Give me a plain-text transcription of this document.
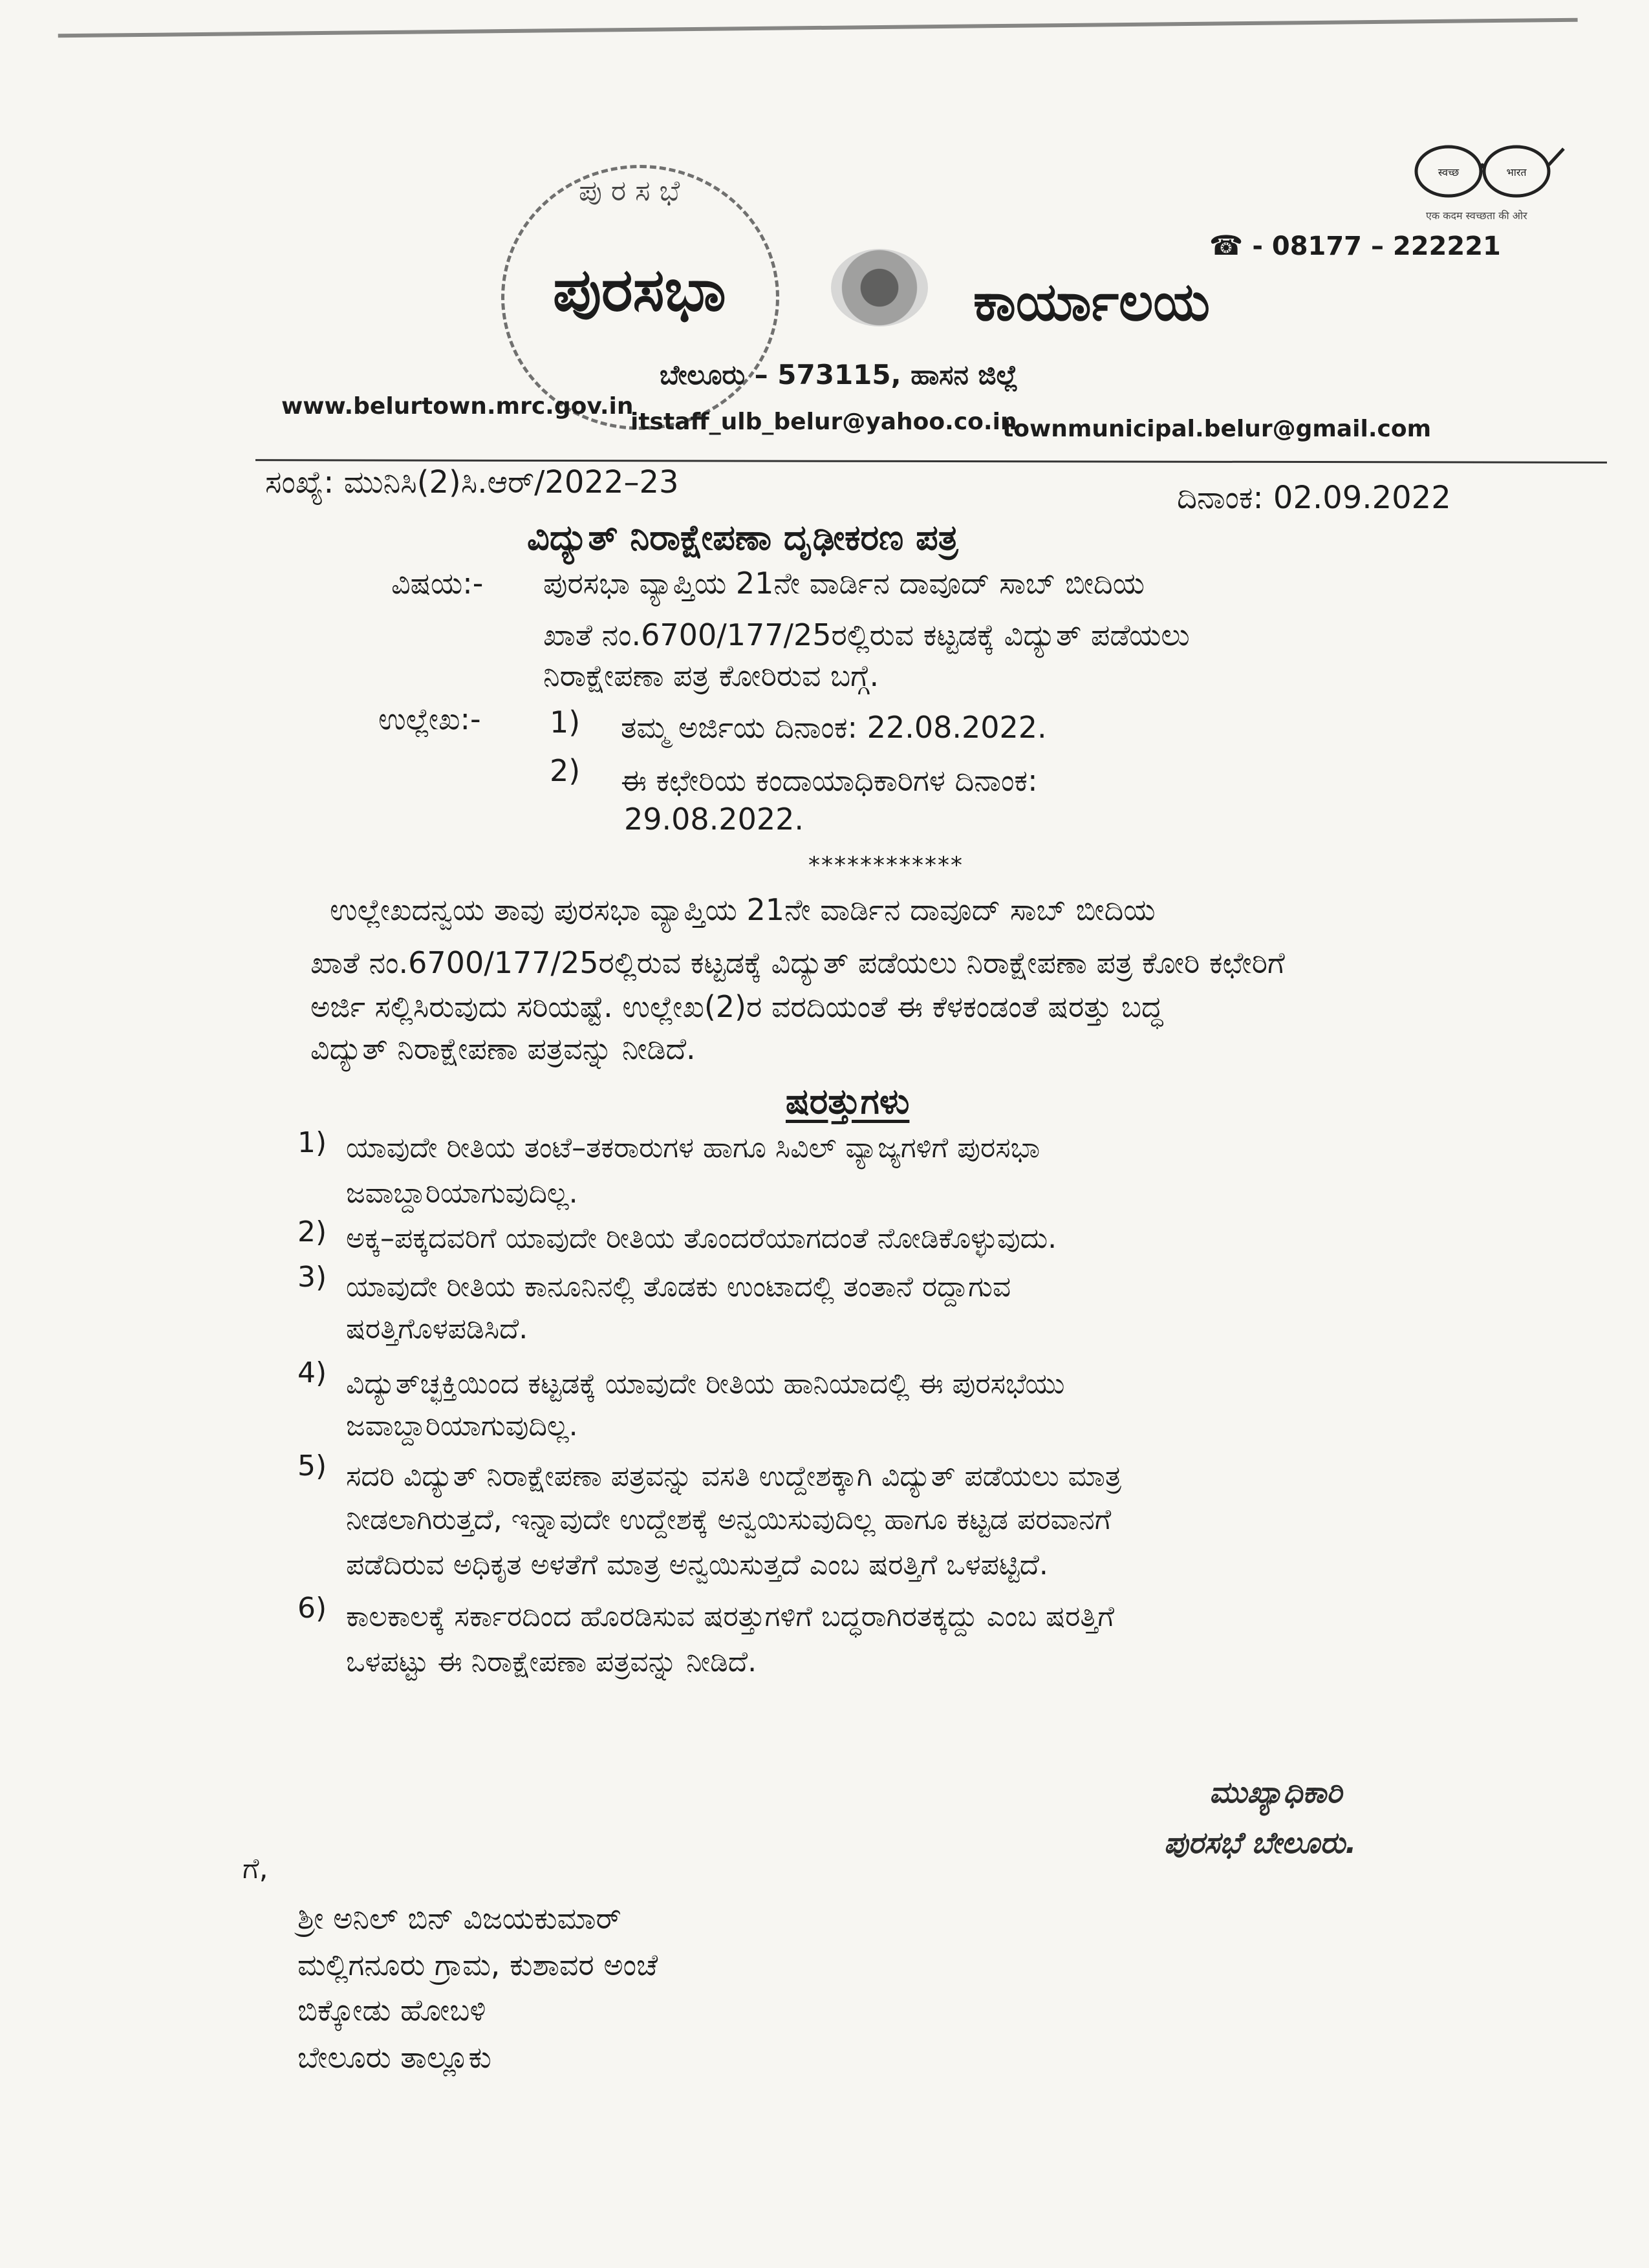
स्वच्छ	भारत
एक कदम स्वच्छता की ओर
☎ - 08177 – 222221
ಪುರಸಭೆ
ಪುರಸಭಾ	ಕಾರ್ಯಾಲಯ
ಬೇಲೂರು – 573115, ಹಾಸನ ಜಿಲ್ಲೆ
www.belurtown.mrc.gov.in
itstaff_ulb_belur@yahoo.co.in
townmunicipal.belur@gmail.com
ಸಂಖ್ಯೆ: ಮುನಿಸಿ(2)ಸಿ.ಆರ್/2022–23	ದಿನಾಂಕ: 02.09.2022
ವಿದ್ಯುತ್ ನಿರಾಕ್ಷೇಪಣಾ ದೃಢೀಕರಣ ಪತ್ರ
ವಿಷಯ:- ಪುರಸಭಾ ವ್ಯಾಪ್ತಿಯ 21ನೇ ವಾರ್ಡಿನ ದಾವೂದ್ ಸಾಬ್ ಬೀದಿಯ
ಖಾತೆ ನಂ.6700/177/25ರಲ್ಲಿರುವ ಕಟ್ಟಡಕ್ಕೆ ವಿದ್ಯುತ್ ಪಡೆಯಲು
ನಿರಾಕ್ಷೇಪಣಾ ಪತ್ರ ಕೋರಿರುವ ಬಗ್ಗೆ.
ಉಲ್ಲೇಖ:- 1) ತಮ್ಮ ಅರ್ಜಿಯ ದಿನಾಂಕ: 22.08.2022.
2) ಈ ಕಛೇರಿಯ ಕಂದಾಯಾಧಿಕಾರಿಗಳ ದಿನಾಂಕ:
29.08.2022.
************
ಉಲ್ಲೇಖದನ್ವಯ ತಾವು ಪುರಸಭಾ ವ್ಯಾಪ್ತಿಯ 21ನೇ ವಾರ್ಡಿನ ದಾವೂದ್ ಸಾಬ್ ಬೀದಿಯ
ಖಾತೆ ನಂ.6700/177/25ರಲ್ಲಿರುವ ಕಟ್ಟಡಕ್ಕೆ ವಿದ್ಯುತ್ ಪಡೆಯಲು ನಿರಾಕ್ಷೇಪಣಾ ಪತ್ರ ಕೋರಿ ಕಛೇರಿಗೆ
ಅರ್ಜಿ ಸಲ್ಲಿಸಿರುವುದು ಸರಿಯಷ್ಟೆ. ಉಲ್ಲೇಖ(2)ರ ವರದಿಯಂತೆ ಈ ಕೆಳಕಂಡಂತೆ ಷರತ್ತು ಬದ್ಧ
ವಿದ್ಯುತ್ ನಿರಾಕ್ಷೇಪಣಾ ಪತ್ರವನ್ನು ನೀಡಿದೆ.
ಷರತ್ತುಗಳು
1) ಯಾವುದೇ ರೀತಿಯ ತಂಟೆ–ತಕರಾರುಗಳ ಹಾಗೂ ಸಿವಿಲ್ ವ್ಯಾಜ್ಯಗಳಿಗೆ ಪುರಸಭಾ
ಜವಾಬ್ದಾರಿಯಾಗುವುದಿಲ್ಲ.
2) ಅಕ್ಕ–ಪಕ್ಕದವರಿಗೆ ಯಾವುದೇ ರೀತಿಯ ತೊಂದರೆಯಾಗದಂತೆ ನೋಡಿಕೊಳ್ಳುವುದು.
3) ಯಾವುದೇ ರೀತಿಯ ಕಾನೂನಿನಲ್ಲಿ ತೊಡಕು ಉಂಟಾದಲ್ಲಿ ತಂತಾನೆ ರದ್ದಾಗುವ
ಷರತ್ತಿಗೊಳಪಡಿಸಿದೆ.
4) ವಿದ್ಯುತ್‌ಚ್ಛಕ್ತಿಯಿಂದ ಕಟ್ಟಡಕ್ಕೆ ಯಾವುದೇ ರೀತಿಯ ಹಾನಿಯಾದಲ್ಲಿ ಈ ಪುರಸಭೆಯು
ಜವಾಬ್ದಾರಿಯಾಗುವುದಿಲ್ಲ.
5) ಸದರಿ ವಿದ್ಯುತ್ ನಿರಾಕ್ಷೇಪಣಾ ಪತ್ರವನ್ನು ವಸತಿ ಉದ್ದೇಶಕ್ಕಾಗಿ ವಿದ್ಯುತ್ ಪಡೆಯಲು ಮಾತ್ರ
ನೀಡಲಾಗಿರುತ್ತದೆ, ಇನ್ನಾವುದೇ ಉದ್ದೇಶಕ್ಕೆ ಅನ್ವಯಿಸುವುದಿಲ್ಲ ಹಾಗೂ ಕಟ್ಟಡ ಪರವಾನಗೆ
ಪಡೆದಿರುವ ಅಧಿಕೃತ ಅಳತೆಗೆ ಮಾತ್ರ ಅನ್ವಯಿಸುತ್ತದೆ ಎಂಬ ಷರತ್ತಿಗೆ ಒಳಪಟ್ಟಿದೆ.
6) ಕಾಲಕಾಲಕ್ಕೆ ಸರ್ಕಾರದಿಂದ ಹೊರಡಿಸುವ ಷರತ್ತುಗಳಿಗೆ ಬದ್ಧರಾಗಿರತಕ್ಕದ್ದು ಎಂಬ ಷರತ್ತಿಗೆ
ಒಳಪಟ್ಟು ಈ ನಿರಾಕ್ಷೇಪಣಾ ಪತ್ರವನ್ನು ನೀಡಿದೆ.
ಮುಖ್ಯಾಧಿಕಾರಿ
ಪುರಸಭೆ ಬೇಲೂರು.
ಗೆ,
ಶ್ರೀ ಅನಿಲ್ ಬಿನ್ ವಿಜಯಕುಮಾರ್
ಮಲ್ಲಿಗನೂರು ಗ್ರಾಮ, ಕುಶಾವರ ಅಂಚೆ
ಬಿಕ್ಕೋಡು ಹೋಬಳಿ
ಬೇಲೂರು ತಾಲ್ಲೂಕು
